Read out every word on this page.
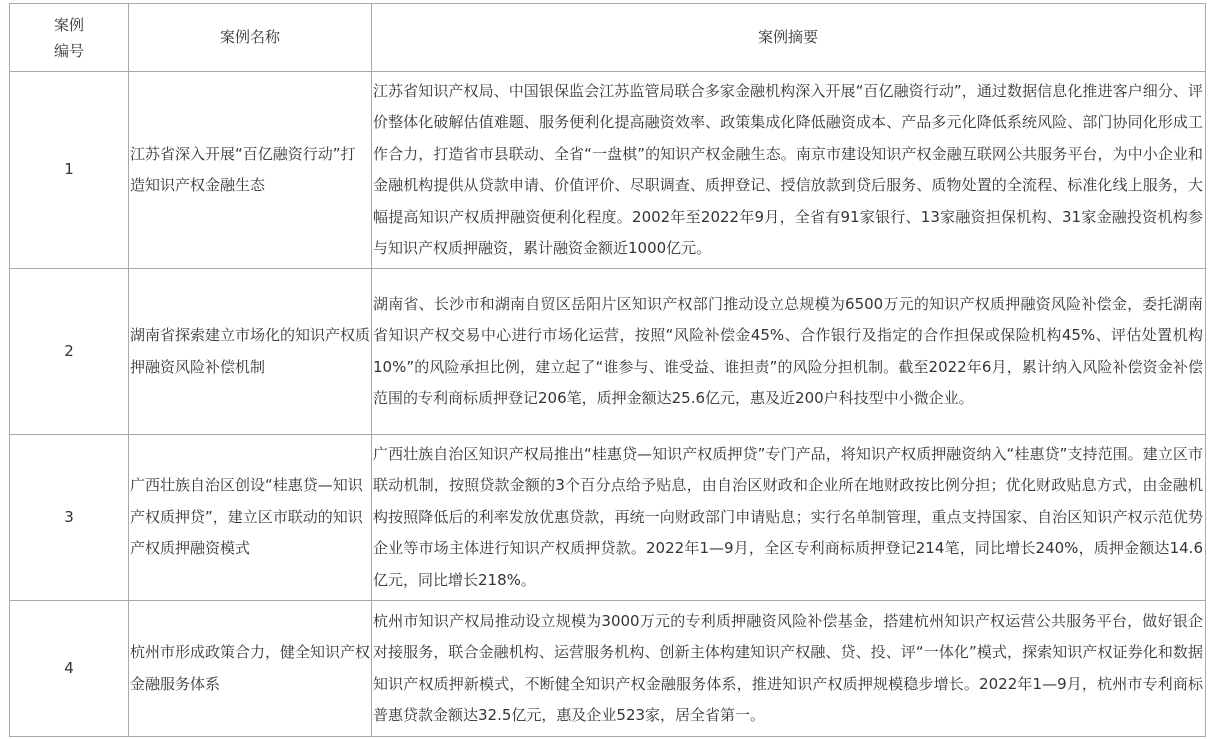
案例
编号	案例名称	案例摘要
1	江苏省深入开展“百亿融资行动”打造知识产权金融生态	江苏省知识产权局、中国银保监会江苏监管局联合多家金融机构深入开展“百亿融资行动”，通过数据信息化推进客户细分、评价整体化破解估值难题、服务便利化提高融资效率、政策集成化降低融资成本、产品多元化降低系统风险、部门协同化形成工作合力，打造省市县联动、全省“一盘棋”的知识产权金融生态。南京市建设知识产权金融互联网公共服务平台，为中小企业和金融机构提供从贷款申请、价值评价、尽职调查、质押登记、授信放款到贷后服务、质物处置的全流程、标准化线上服务，大幅提高知识产权质押融资便利化程度。2002年至2022年9月，全省有91家银行、13家融资担保机构、31家金融投资机构参与知识产权质押融资，累计融资金额近1000亿元。
2	湖南省探索建立市场化的知识产权质押融资风险补偿机制	湖南省、长沙市和湖南自贸区岳阳片区知识产权部门推动设立总规模为6500万元的知识产权质押融资风险补偿金，委托湖南省知识产权交易中心进行市场化运营，按照“风险补偿金45%、合作银行及指定的合作担保或保险机构45%、评估处置机构10%”的风险承担比例，建立起了“谁参与、谁受益、谁担责”的风险分担机制。截至2022年6月，累计纳入风险补偿资金补偿范围的专利商标质押登记206笔，质押金额达25.6亿元，惠及近200户科技型中小微企业。
3	广西壮族自治区创设“桂惠贷—知识产权质押贷”，建立区市联动的知识产权质押融资模式	广西壮族自治区知识产权局推出“桂惠贷—知识产权质押贷”专门产品，将知识产权质押融资纳入“桂惠贷”支持范围。建立区市联动机制，按照贷款金额的3个百分点给予贴息，由自治区财政和企业所在地财政按比例分担；优化财政贴息方式，由金融机构按照降低后的利率发放优惠贷款，再统一向财政部门申请贴息；实行名单制管理，重点支持国家、自治区知识产权示范优势企业等市场主体进行知识产权质押贷款。2022年1—9月，全区专利商标质押登记214笔，同比增长240%，质押金额达14.6亿元，同比增长218%。
4	杭州市形成政策合力，健全知识产权金融服务体系	杭州市知识产权局推动设立规模为3000万元的专利质押融资风险补偿基金，搭建杭州知识产权运营公共服务平台，做好银企对接服务，联合金融机构、运营服务机构、创新主体构建知识产权融、贷、投、评“一体化”模式，探索知识产权证券化和数据知识产权质押新模式，不断健全知识产权金融服务体系，推进知识产权质押规模稳步增长。2022年1—9月，杭州市专利商标普惠贷款金额达32.5亿元，惠及企业523家，居全省第一。
